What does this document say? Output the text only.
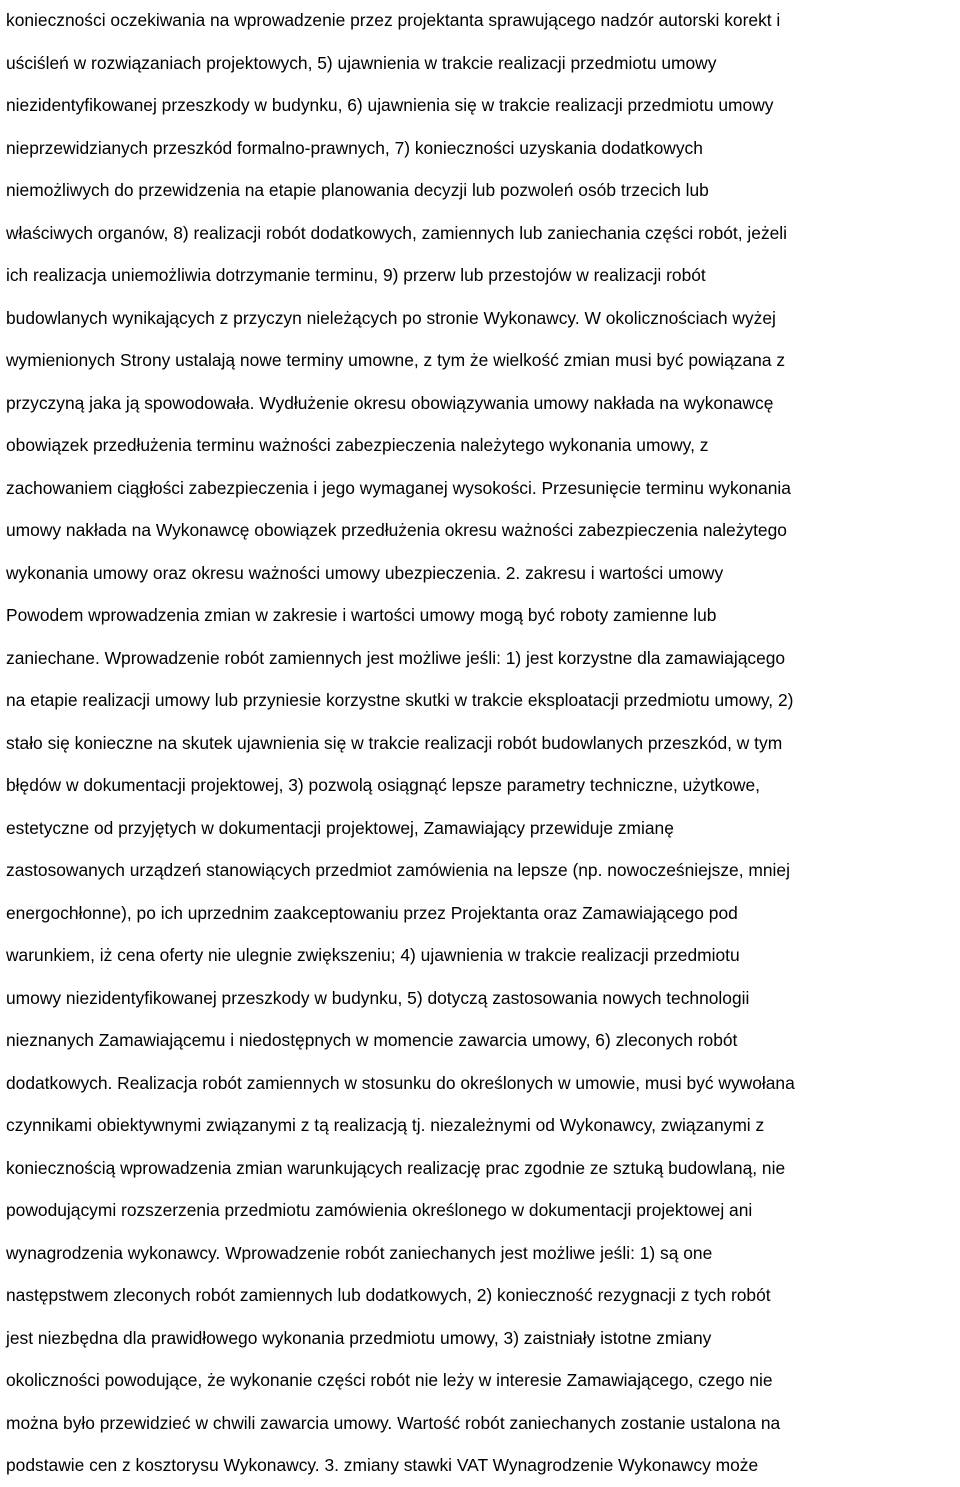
konieczności oczekiwania na wprowadzenie przez projektanta sprawującego nadzór autorski korekt i
uściśleń w rozwiązaniach projektowych, 5) ujawnienia w trakcie realizacji przedmiotu umowy
niezidentyfikowanej przeszkody w budynku, 6) ujawnienia się w trakcie realizacji przedmiotu umowy
nieprzewidzianych przeszkód formalno-prawnych, 7) konieczności uzyskania dodatkowych
niemożliwych do przewidzenia na etapie planowania decyzji lub pozwoleń osób trzecich lub
właściwych organów, 8) realizacji robót dodatkowych, zamiennych lub zaniechania części robót, jeżeli
ich realizacja uniemożliwia dotrzymanie terminu, 9) przerw lub przestojów w realizacji robót
budowlanych wynikających z przyczyn nieleżących po stronie Wykonawcy. W okolicznościach wyżej
wymienionych Strony ustalają nowe terminy umowne, z tym że wielkość zmian musi być powiązana z
przyczyną jaka ją spowodowała. Wydłużenie okresu obowiązywania umowy nakłada na wykonawcę
obowiązek przedłużenia terminu ważności zabezpieczenia należytego wykonania umowy, z
zachowaniem ciągłości zabezpieczenia i jego wymaganej wysokości. Przesunięcie terminu wykonania
umowy nakłada na Wykonawcę obowiązek przedłużenia okresu ważności zabezpieczenia należytego
wykonania umowy oraz okresu ważności umowy ubezpieczenia. 2. zakresu i wartości umowy
Powodem wprowadzenia zmian w zakresie i wartości umowy mogą być roboty zamienne lub
zaniechane. Wprowadzenie robót zamiennych jest możliwe jeśli: 1) jest korzystne dla zamawiającego
na etapie realizacji umowy lub przyniesie korzystne skutki w trakcie eksploatacji przedmiotu umowy, 2)
stało się konieczne na skutek ujawnienia się w trakcie realizacji robót budowlanych przeszkód, w tym
błędów w dokumentacji projektowej, 3) pozwolą osiągnąć lepsze parametry techniczne, użytkowe,
estetyczne od przyjętych w dokumentacji projektowej, Zamawiający przewiduje zmianę
zastosowanych urządzeń stanowiących przedmiot zamówienia na lepsze (np. nowocześniejsze, mniej
energochłonne), po ich uprzednim zaakceptowaniu przez Projektanta oraz Zamawiającego pod
warunkiem, iż cena oferty nie ulegnie zwiększeniu; 4) ujawnienia w trakcie realizacji przedmiotu
umowy niezidentyfikowanej przeszkody w budynku, 5) dotyczą zastosowania nowych technologii
nieznanych Zamawiającemu i niedostępnych w momencie zawarcia umowy, 6) zleconych robót
dodatkowych. Realizacja robót zamiennych w stosunku do określonych w umowie, musi być wywołana
czynnikami obiektywnymi związanymi z tą realizacją tj. niezależnymi od Wykonawcy, związanymi z
koniecznością wprowadzenia zmian warunkujących realizację prac zgodnie ze sztuką budowlaną, nie
powodującymi rozszerzenia przedmiotu zamówienia określonego w dokumentacji projektowej ani
wynagrodzenia wykonawcy. Wprowadzenie robót zaniechanych jest możliwe jeśli: 1) są one
następstwem zleconych robót zamiennych lub dodatkowych, 2) konieczność rezygnacji z tych robót
jest niezbędna dla prawidłowego wykonania przedmiotu umowy, 3) zaistniały istotne zmiany
okoliczności powodujące, że wykonanie części robót nie leży w interesie Zamawiającego, czego nie
można było przewidzieć w chwili zawarcia umowy. Wartość robót zaniechanych zostanie ustalona na
podstawie cen z kosztorysu Wykonawcy. 3. zmiany stawki VAT Wynagrodzenie Wykonawcy może
